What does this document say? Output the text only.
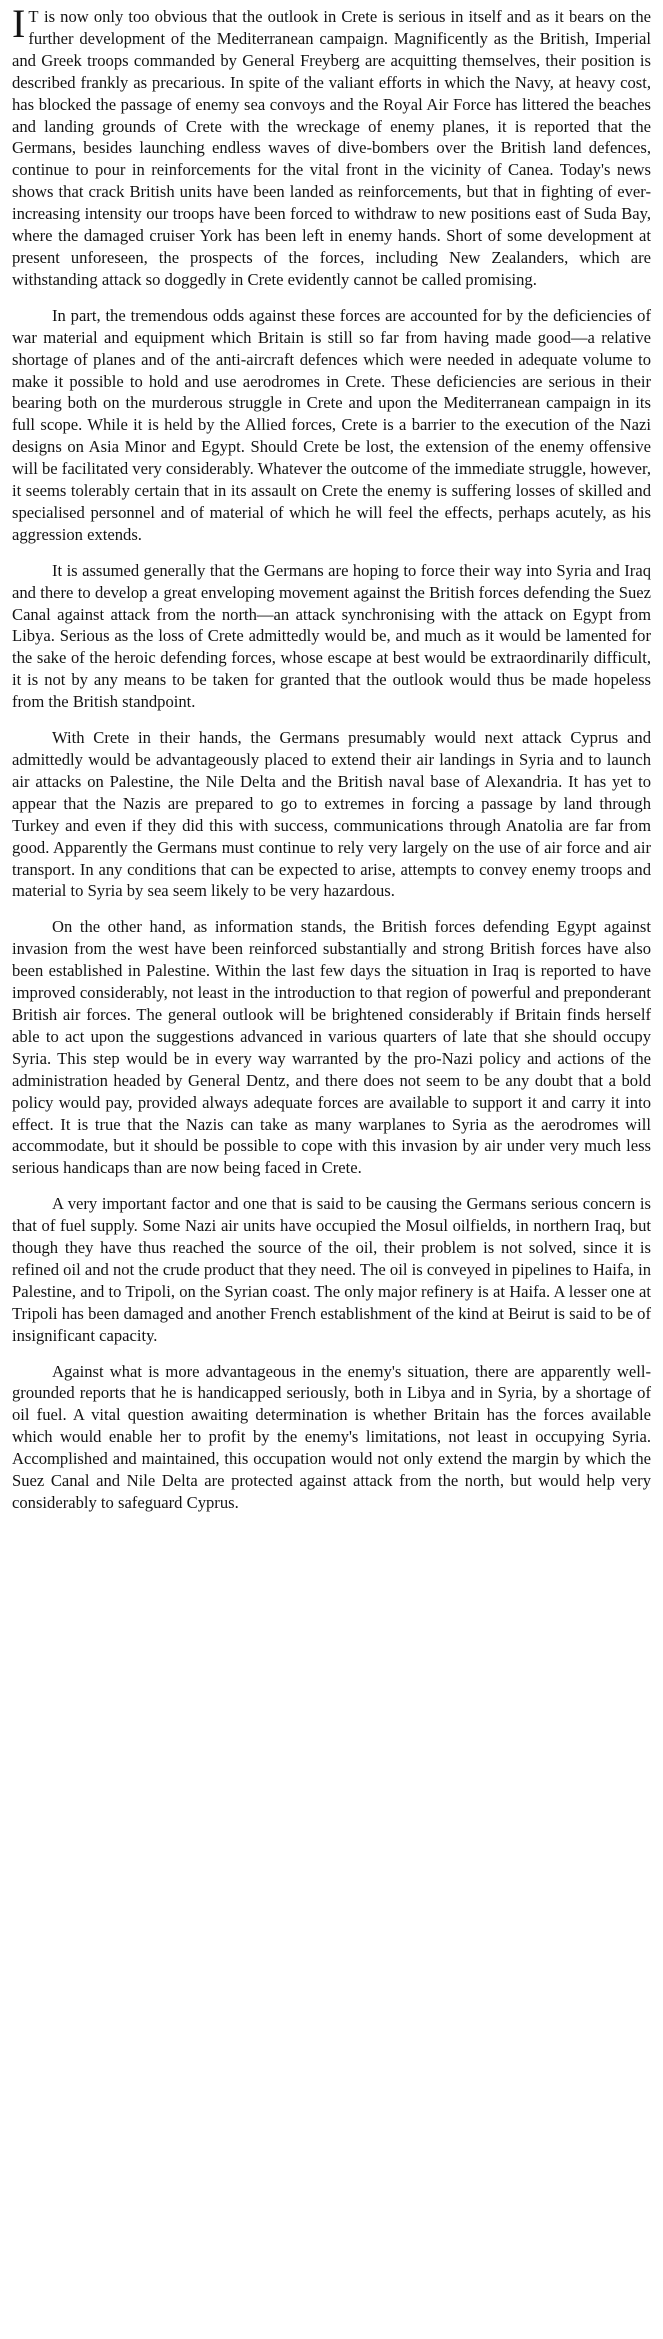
IT is now only too obvious that the outlook in Crete is serious in itself and as it bears on the further development of the Mediterranean campaign. Magnificently as the British, Imperial and Greek troops commanded by General Freyberg are acquitting themselves, their position is described frankly as precarious. In spite of the valiant efforts in which the Navy, at heavy cost, has blocked the passage of enemy sea convoys and the Royal Air Force has littered the beaches and landing grounds of Crete with the wreckage of enemy planes, it is reported that the Germans, besides launching endless waves of dive-bombers over the British land defences, continue to pour in reinforcements for the vital front in the vicinity of Canea. Today's news shows that crack British units have been landed as reinforcements, but that in fighting of ever-increasing intensity our troops have been forced to withdraw to new positions east of Suda Bay, where the damaged cruiser York has been left in enemy hands. Short of some development at present unforeseen, the prospects of the forces, including New Zealanders, which are withstanding attack so doggedly in Crete evidently cannot be called promising.

In part, the tremendous odds against these forces are accounted for by the deficiencies of war material and equipment which Britain is still so far from having made good—a relative shortage of planes and of the anti-aircraft defences which were needed in adequate volume to make it possible to hold and use aerodromes in Crete. These deficiencies are serious in their bearing both on the murderous struggle in Crete and upon the Mediterranean campaign in its full scope. While it is held by the Allied forces, Crete is a barrier to the execution of the Nazi designs on Asia Minor and Egypt. Should Crete be lost, the extension of the enemy offensive will be facilitated very considerably. Whatever the outcome of the immediate struggle, however, it seems tolerably certain that in its assault on Crete the enemy is suffering losses of skilled and specialised personnel and of material of which he will feel the effects, perhaps acutely, as his aggression extends.

It is assumed generally that the Germans are hoping to force their way into Syria and Iraq and there to develop a great enveloping movement against the British forces defending the Suez Canal against attack from the north—an attack synchronising with the attack on Egypt from Libya. Serious as the loss of Crete admittedly would be, and much as it would be lamented for the sake of the heroic defending forces, whose escape at best would be extraordinarily difficult, it is not by any means to be taken for granted that the outlook would thus be made hopeless from the British standpoint.

With Crete in their hands, the Germans presumably would next attack Cyprus and admittedly would be advantageously placed to extend their air landings in Syria and to launch air attacks on Palestine, the Nile Delta and the British naval base of Alexandria. It has yet to appear that the Nazis are prepared to go to extremes in forcing a passage by land through Turkey and even if they did this with success, communications through Anatolia are far from good. Apparently the Germans must continue to rely very largely on the use of air force and air transport. In any conditions that can be expected to arise, attempts to convey enemy troops and material to Syria by sea seem likely to be very hazardous.

On the other hand, as information stands, the British forces defending Egypt against invasion from the west have been reinforced substantially and strong British forces have also been established in Palestine. Within the last few days the situation in Iraq is reported to have improved considerably, not least in the introduction to that region of powerful and preponderant British air forces. The general outlook will be brightened considerably if Britain finds herself able to act upon the suggestions advanced in various quarters of late that she should occupy Syria. This step would be in every way warranted by the pro-Nazi policy and actions of the administration headed by General Dentz, and there does not seem to be any doubt that a bold policy would pay, provided always adequate forces are available to support it and carry it into effect. It is true that the Nazis can take as many warplanes to Syria as the aerodromes will accommodate, but it should be possible to cope with this invasion by air under very much less serious handicaps than are now being faced in Crete.

A very important factor and one that is said to be causing the Germans serious concern is that of fuel supply. Some Nazi air units have occupied the Mosul oilfields, in northern Iraq, but though they have thus reached the source of the oil, their problem is not solved, since it is refined oil and not the crude product that they need. The oil is conveyed in pipelines to Haifa, in Palestine, and to Tripoli, on the Syrian coast. The only major refinery is at Haifa. A lesser one at Tripoli has been damaged and another French establishment of the kind at Beirut is said to be of insignificant capacity.

Against what is more advantageous in the enemy's situation, there are apparently well-grounded reports that he is handicapped seriously, both in Libya and in Syria, by a shortage of oil fuel. A vital question awaiting determination is whether Britain has the forces available which would enable her to profit by the enemy's limitations, not least in occupying Syria. Accomplished and maintained, this occupation would not only extend the margin by which the Suez Canal and Nile Delta are protected against attack from the north, but would help very considerably to safeguard Cyprus.
